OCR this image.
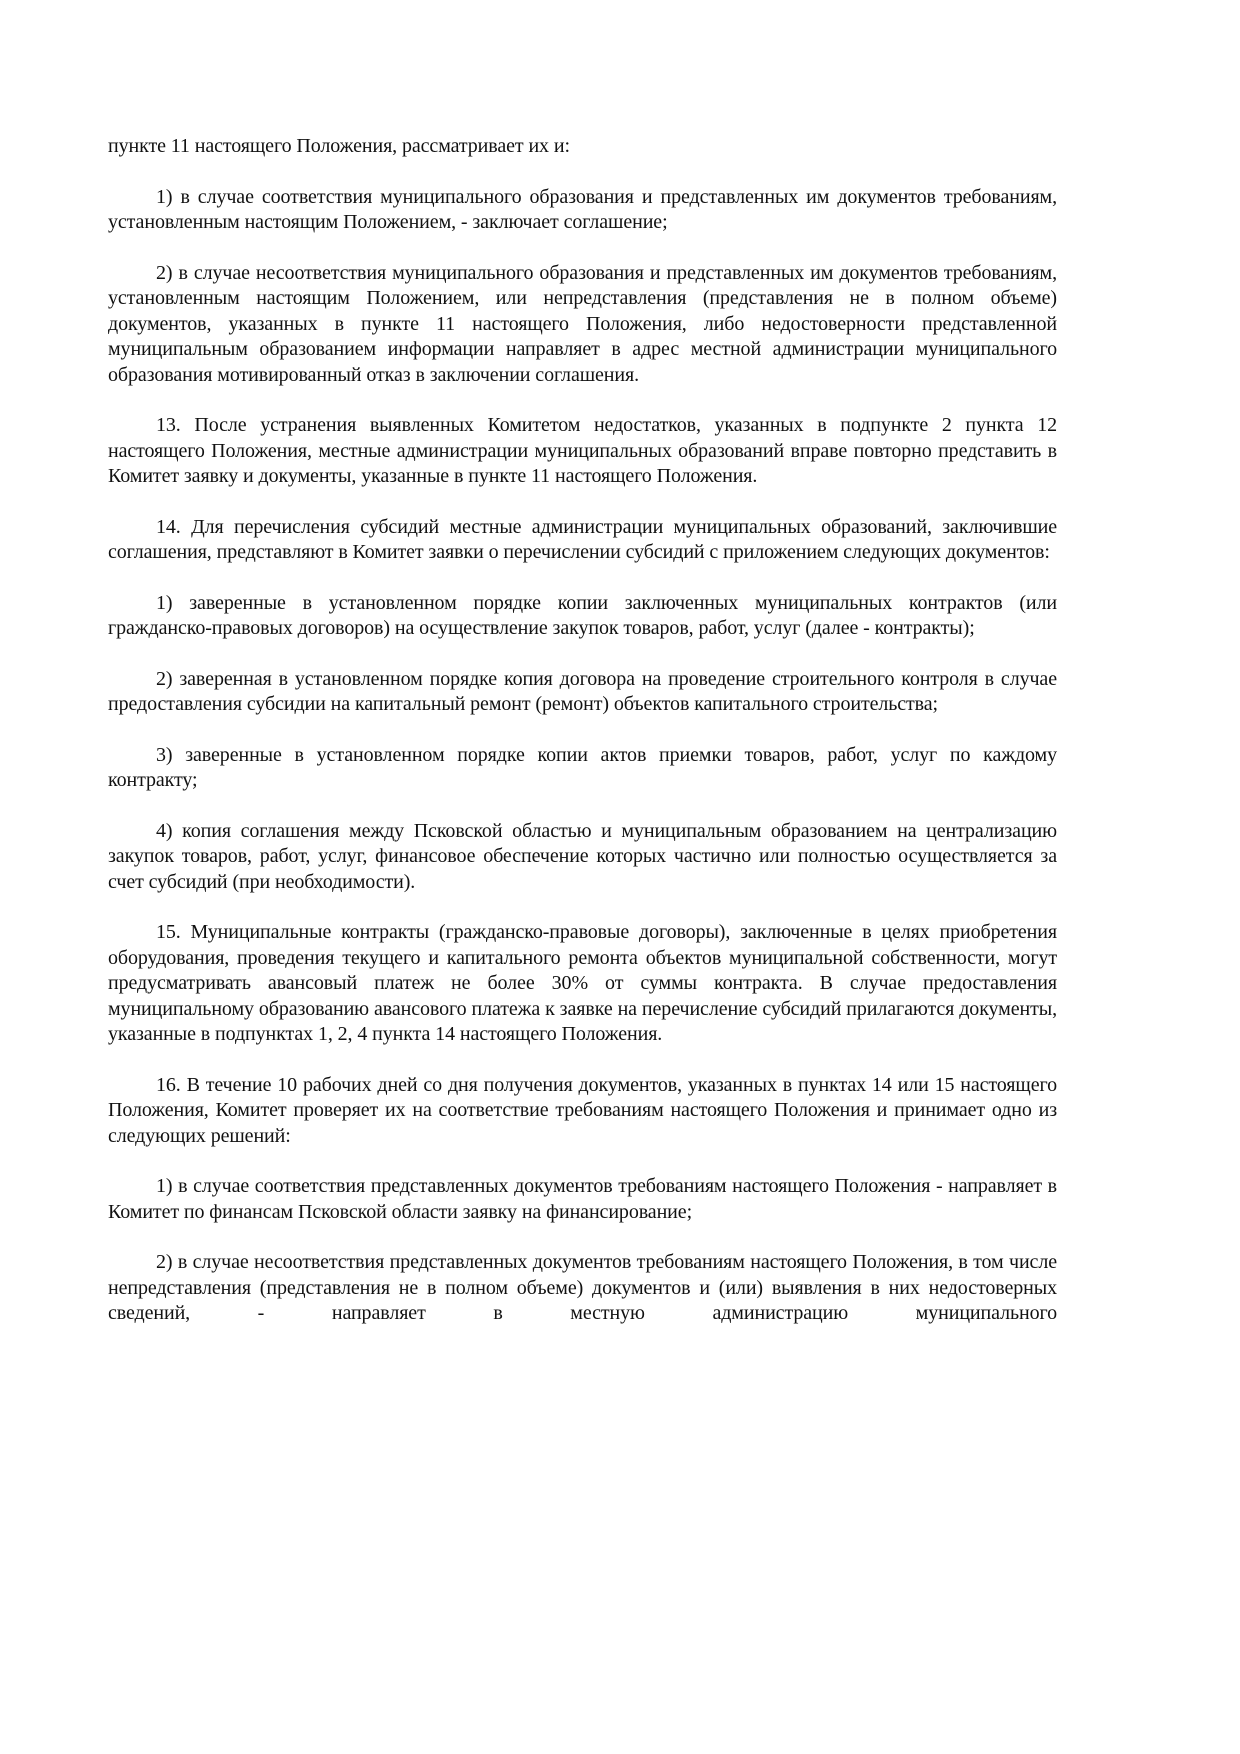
пункте 11 настоящего Положения, рассматривает их и:

1) в случае соответствия муниципального образования и представленных им документов требованиям, установленным настоящим Положением, - заключает соглашение;

2) в случае несоответствия муниципального образования и представленных им документов требованиям, установленным настоящим Положением, или непредставления (представления не в полном объеме) документов, указанных в пункте 11 настоящего Положения, либо недостоверности представленной муниципальным образованием информации направляет в адрес местной администрации муниципального образования мотивированный отказ в заключении соглашения.

13. После устранения выявленных Комитетом недостатков, указанных в подпункте 2 пункта 12 настоящего Положения, местные администрации муниципальных образований вправе повторно представить в Комитет заявку и документы, указанные в пункте 11 настоящего Положения.

14. Для перечисления субсидий местные администрации муниципальных образований, заключившие соглашения, представляют в Комитет заявки о перечислении субсидий с приложением следующих документов:

1) заверенные в установленном порядке копии заключенных муниципальных контрактов (или гражданско-правовых договоров) на осуществление закупок товаров, работ, услуг (далее - контракты);

2) заверенная в установленном порядке копия договора на проведение строительного контроля в случае предоставления субсидии на капитальный ремонт (ремонт) объектов капитального строительства;

3) заверенные в установленном порядке копии актов приемки товаров, работ, услуг по каждому контракту;

4) копия соглашения между Псковской областью и муниципальным образованием на централизацию закупок товаров, работ, услуг, финансовое обеспечение которых частично или полностью осуществляется за счет субсидий (при необходимости).

15. Муниципальные контракты (гражданско-правовые договоры), заключенные в целях приобретения оборудования, проведения текущего и капитального ремонта объектов муниципальной собственности, могут предусматривать авансовый платеж не более 30% от суммы контракта. В случае предоставления муниципальному образованию авансового платежа к заявке на перечисление субсидий прилагаются документы, указанные в подпунктах 1, 2, 4 пункта 14 настоящего Положения.

16. В течение 10 рабочих дней со дня получения документов, указанных в пунктах 14 или 15 настоящего Положения, Комитет проверяет их на соответствие требованиям настоящего Положения и принимает одно из следующих решений:

1) в случае соответствия представленных документов требованиям настоящего Положения - направляет в Комитет по финансам Псковской области заявку на финансирование;

2) в случае несоответствия представленных документов требованиям настоящего Положения, в том числе непредставления (представления не в полном объеме) документов и (или) выявления в них недостоверных сведений, - направляет в местную администрацию муниципального
